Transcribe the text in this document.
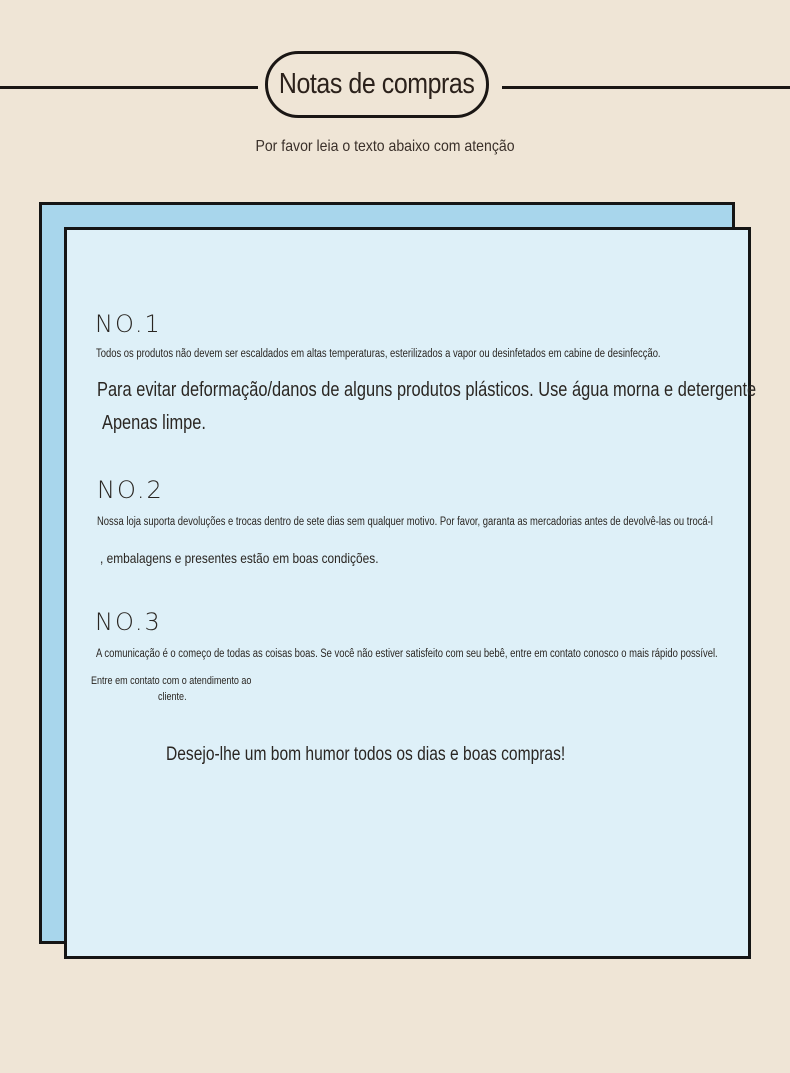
Notas de compras
Por favor leia o texto abaixo com atenção
NO.1
Todos os produtos não devem ser escaldados em altas temperaturas, esterilizados a vapor ou desinfetados em cabine de desinfecção.
Para evitar deformação/danos de alguns produtos plásticos. Use água morna e detergente
Apenas limpe.
NO.2
Nossa loja suporta devoluções e trocas dentro de sete dias sem qualquer motivo. Por favor, garanta as mercadorias antes de devolvê-las ou trocá-l
, embalagens e presentes estão em boas condições.
NO.3
A comunicação é o começo de todas as coisas boas. Se você não estiver satisfeito com seu bebê, entre em contato conosco o mais rápido possível.
Entre em contato com o atendimento ao
cliente.
Desejo-lhe um bom humor todos os dias e boas compras!
